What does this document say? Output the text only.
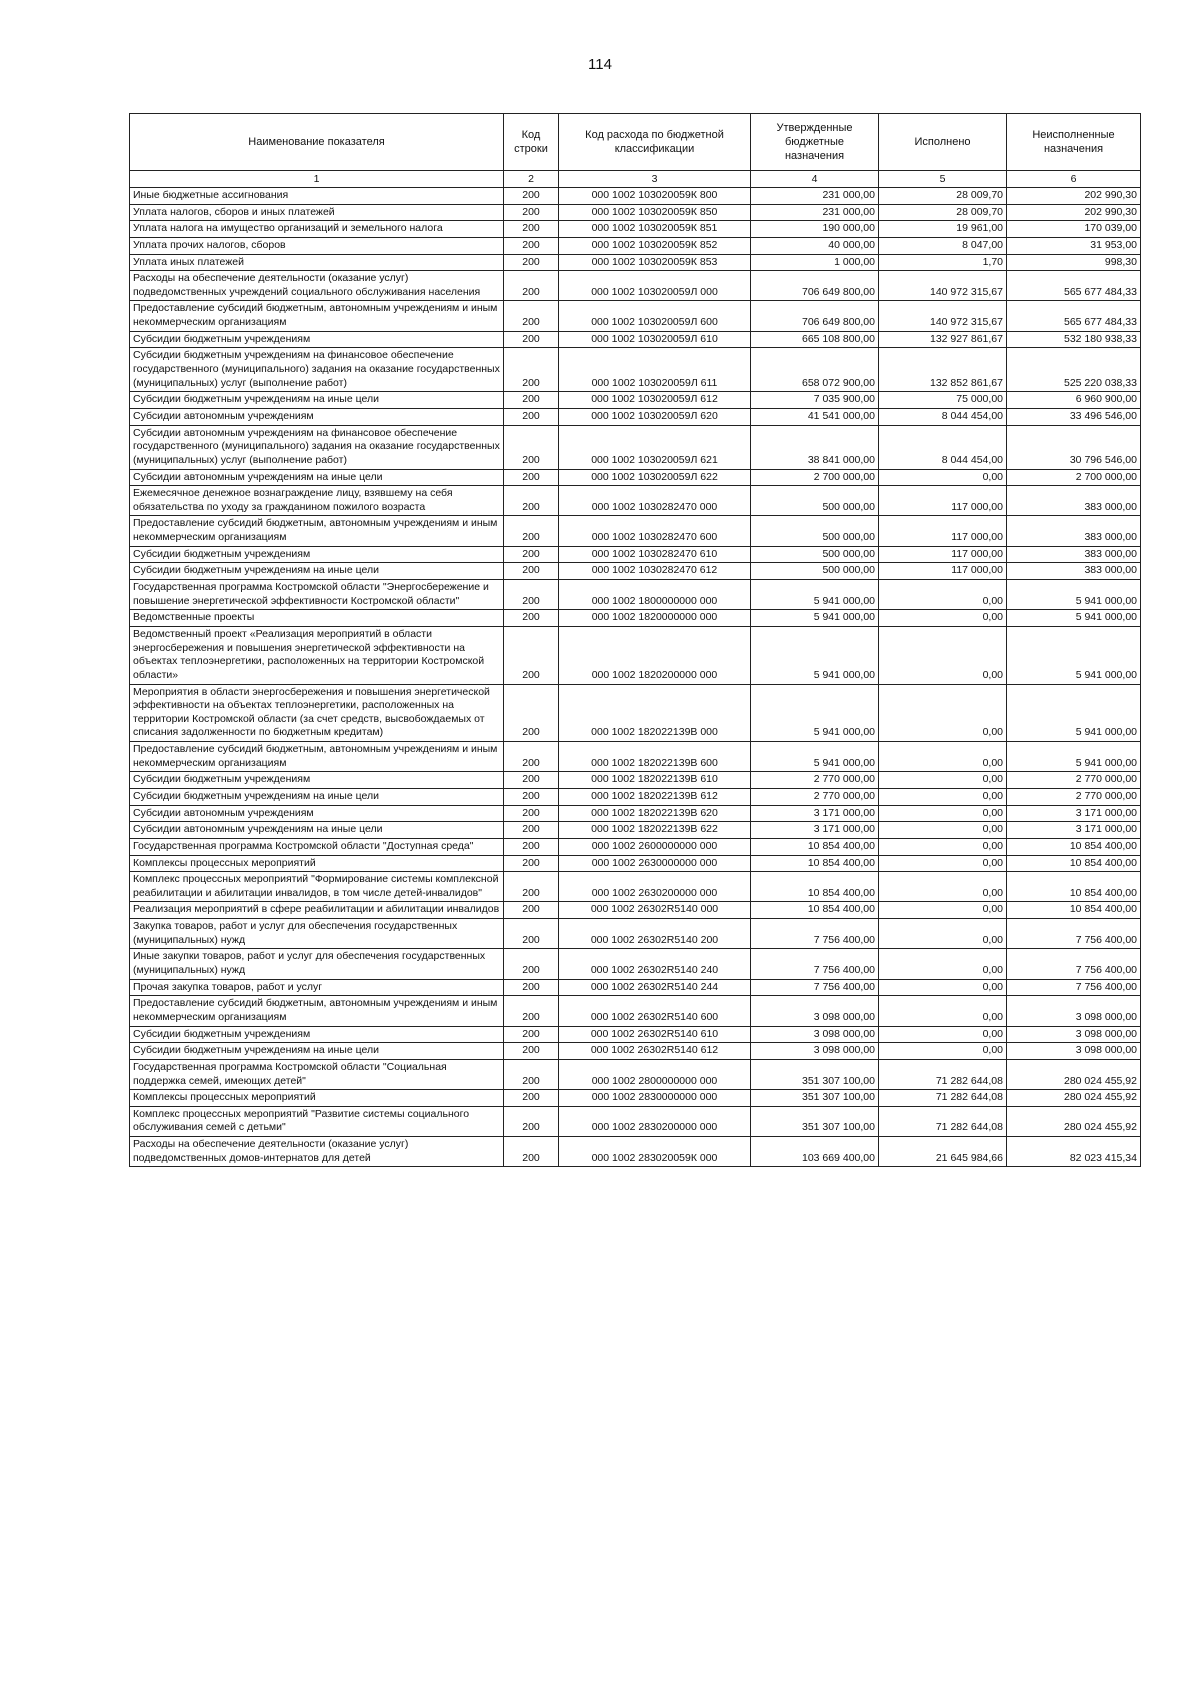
114
Наименование показателя	Код строки	Код расхода по бюджетной классификации	Утвержденные бюджетные назначения	Исполнено	Неисполненные назначения
1	2	3	4	5	6
Иные бюджетные ассигнования	200	000 1002 103020059К 800	231 000,00	28 009,70	202 990,30
Уплата налогов, сборов и иных платежей	200	000 1002 103020059К 850	231 000,00	28 009,70	202 990,30
Уплата налога на имущество организаций и земельного налога	200	000 1002 103020059К 851	190 000,00	19 961,00	170 039,00
Уплата прочих налогов, сборов	200	000 1002 103020059К 852	40 000,00	8 047,00	31 953,00
Уплата иных платежей	200	000 1002 103020059К 853	1 000,00	1,70	998,30
Расходы на обеспечение деятельности (оказание услуг) подведомственных учреждений социального обслуживания населения	200	000 1002 103020059Л 000	706 649 800,00	140 972 315,67	565 677 484,33
Предоставление субсидий бюджетным, автономным учреждениям и иным некоммерческим организациям	200	000 1002 103020059Л 600	706 649 800,00	140 972 315,67	565 677 484,33
Субсидии бюджетным учреждениям	200	000 1002 103020059Л 610	665 108 800,00	132 927 861,67	532 180 938,33
Субсидии бюджетным учреждениям на финансовое обеспечение государственного (муниципального) задания на оказание государственных (муниципальных) услуг (выполнение работ)	200	000 1002 103020059Л 611	658 072 900,00	132 852 861,67	525 220 038,33
Субсидии бюджетным учреждениям на иные цели	200	000 1002 103020059Л 612	7 035 900,00	75 000,00	6 960 900,00
Субсидии автономным учреждениям	200	000 1002 103020059Л 620	41 541 000,00	8 044 454,00	33 496 546,00
Субсидии автономным учреждениям на финансовое обеспечение государственного (муниципального) задания на оказание государственных (муниципальных) услуг (выполнение работ)	200	000 1002 103020059Л 621	38 841 000,00	8 044 454,00	30 796 546,00
Субсидии автономным учреждениям на иные цели	200	000 1002 103020059Л 622	2 700 000,00	0,00	2 700 000,00
Ежемесячное денежное вознаграждение лицу, взявшему на себя обязательства по уходу за гражданином пожилого возраста	200	000 1002 1030282470 000	500 000,00	117 000,00	383 000,00
Предоставление субсидий бюджетным, автономным учреждениям и иным некоммерческим организациям	200	000 1002 1030282470 600	500 000,00	117 000,00	383 000,00
Субсидии бюджетным учреждениям	200	000 1002 1030282470 610	500 000,00	117 000,00	383 000,00
Субсидии бюджетным учреждениям на иные цели	200	000 1002 1030282470 612	500 000,00	117 000,00	383 000,00
Государственная программа Костромской области "Энергосбережение и повышение энергетической эффективности Костромской области"	200	000 1002 1800000000 000	5 941 000,00	0,00	5 941 000,00
Ведомственные проекты	200	000 1002 1820000000 000	5 941 000,00	0,00	5 941 000,00
Ведомственный проект «Реализация мероприятий в области энергосбережения и повышения энергетической эффективности на объектах теплоэнергетики, расположенных на территории Костромской области»	200	000 1002 1820200000 000	5 941 000,00	0,00	5 941 000,00
Мероприятия в области энергосбережения и повышения энергетической эффективности на объектах теплоэнергетики, расположенных на территории Костромской области (за счет средств, высвобождаемых от списания задолженности по бюджетным кредитам)	200	000 1002 182022139В 000	5 941 000,00	0,00	5 941 000,00
Предоставление субсидий бюджетным, автономным учреждениям и иным некоммерческим организациям	200	000 1002 182022139В 600	5 941 000,00	0,00	5 941 000,00
Субсидии бюджетным учреждениям	200	000 1002 182022139В 610	2 770 000,00	0,00	2 770 000,00
Субсидии бюджетным учреждениям на иные цели	200	000 1002 182022139В 612	2 770 000,00	0,00	2 770 000,00
Субсидии автономным учреждениям	200	000 1002 182022139В 620	3 171 000,00	0,00	3 171 000,00
Субсидии автономным учреждениям на иные цели	200	000 1002 182022139В 622	3 171 000,00	0,00	3 171 000,00
Государственная программа Костромской области "Доступная среда"	200	000 1002 2600000000 000	10 854 400,00	0,00	10 854 400,00
Комплексы процессных мероприятий	200	000 1002 2630000000 000	10 854 400,00	0,00	10 854 400,00
Комплекс процессных мероприятий "Формирование системы комплексной реабилитации и абилитации инвалидов, в том числе детей-инвалидов"	200	000 1002 2630200000 000	10 854 400,00	0,00	10 854 400,00
Реализация мероприятий в сфере реабилитации и абилитации инвалидов	200	000 1002 26302R5140 000	10 854 400,00	0,00	10 854 400,00
Закупка товаров, работ и услуг для обеспечения государственных (муниципальных) нужд	200	000 1002 26302R5140 200	7 756 400,00	0,00	7 756 400,00
Иные закупки товаров, работ и услуг для обеспечения государственных (муниципальных) нужд	200	000 1002 26302R5140 240	7 756 400,00	0,00	7 756 400,00
Прочая закупка товаров, работ и услуг	200	000 1002 26302R5140 244	7 756 400,00	0,00	7 756 400,00
Предоставление субсидий бюджетным, автономным учреждениям и иным некоммерческим организациям	200	000 1002 26302R5140 600	3 098 000,00	0,00	3 098 000,00
Субсидии бюджетным учреждениям	200	000 1002 26302R5140 610	3 098 000,00	0,00	3 098 000,00
Субсидии бюджетным учреждениям на иные цели	200	000 1002 26302R5140 612	3 098 000,00	0,00	3 098 000,00
Государственная программа Костромской области "Социальная поддержка семей, имеющих детей"	200	000 1002 2800000000 000	351 307 100,00	71 282 644,08	280 024 455,92
Комплексы процессных мероприятий	200	000 1002 2830000000 000	351 307 100,00	71 282 644,08	280 024 455,92
Комплекс процессных мероприятий "Развитие системы социального обслуживания семей с детьми"	200	000 1002 2830200000 000	351 307 100,00	71 282 644,08	280 024 455,92
Расходы на обеспечение деятельности (оказание услуг) подведомственных домов-интернатов для детей	200	000 1002 283020059К 000	103 669 400,00	21 645 984,66	82 023 415,34
